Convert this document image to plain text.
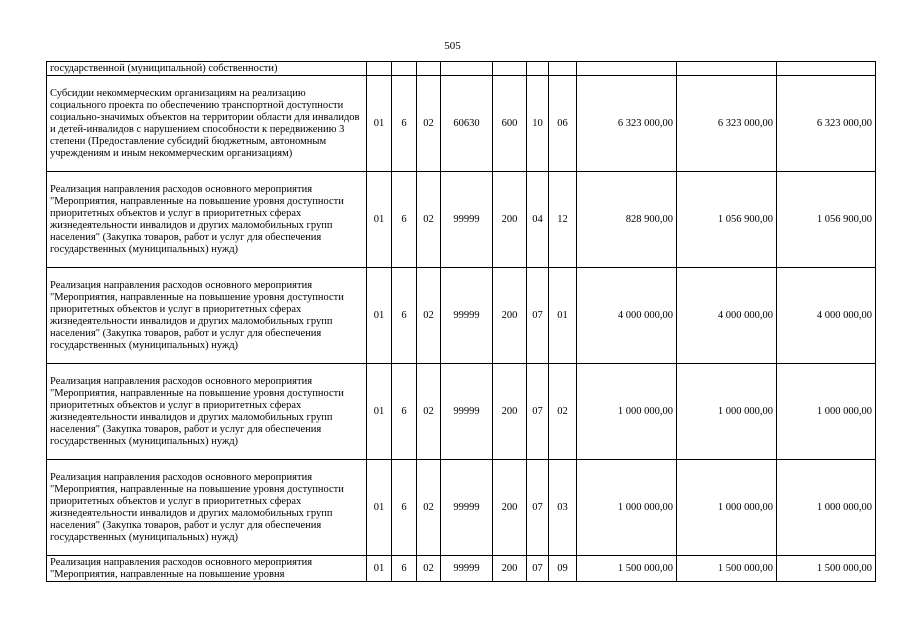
505
государственной (муниципальной) собственности)										
Субсидии некоммерческим организациям на реализацию социального проекта по обеспечению транспортной доступности социально-значимых объектов на территории области для инвалидов и детей-инвалидов с нарушением способности к передвижению 3 степени (Предоставление субсидий бюджетным, автономным учреждениям и иным некоммерческим организациям)	01	6	02	60630	600	10	06	6 323 000,00	6 323 000,00	6 323 000,00
Реализация направления расходов основного мероприятия "Мероприятия, направленные на повышение уровня доступности приоритетных объектов и услуг в приоритетных сферах жизнедеятельности инвалидов и других маломобильных групп населения" (Закупка товаров, работ и услуг для обеспечения государственных (муниципальных) нужд)	01	6	02	99999	200	04	12	828 900,00	1 056 900,00	1 056 900,00
Реализация направления расходов основного мероприятия "Мероприятия, направленные на повышение уровня доступности приоритетных объектов и услуг в приоритетных сферах жизнедеятельности инвалидов и других маломобильных групп населения" (Закупка товаров, работ и услуг для обеспечения государственных (муниципальных) нужд)	01	6	02	99999	200	07	01	4 000 000,00	4 000 000,00	4 000 000,00
Реализация направления расходов основного мероприятия "Мероприятия, направленные на повышение уровня доступности приоритетных объектов и услуг в приоритетных сферах жизнедеятельности инвалидов и других маломобильных групп населения" (Закупка товаров, работ и услуг для обеспечения государственных (муниципальных) нужд)	01	6	02	99999	200	07	02	1 000 000,00	1 000 000,00	1 000 000,00
Реализация направления расходов основного мероприятия "Мероприятия, направленные на повышение уровня доступности приоритетных объектов и услуг в приоритетных сферах жизнедеятельности инвалидов и других маломобильных групп населения" (Закупка товаров, работ и услуг для обеспечения государственных (муниципальных) нужд)	01	6	02	99999	200	07	03	1 000 000,00	1 000 000,00	1 000 000,00
Реализация направления расходов основного мероприятия "Мероприятия, направленные на повышение уровня	01	6	02	99999	200	07	09	1 500 000,00	1 500 000,00	1 500 000,00
